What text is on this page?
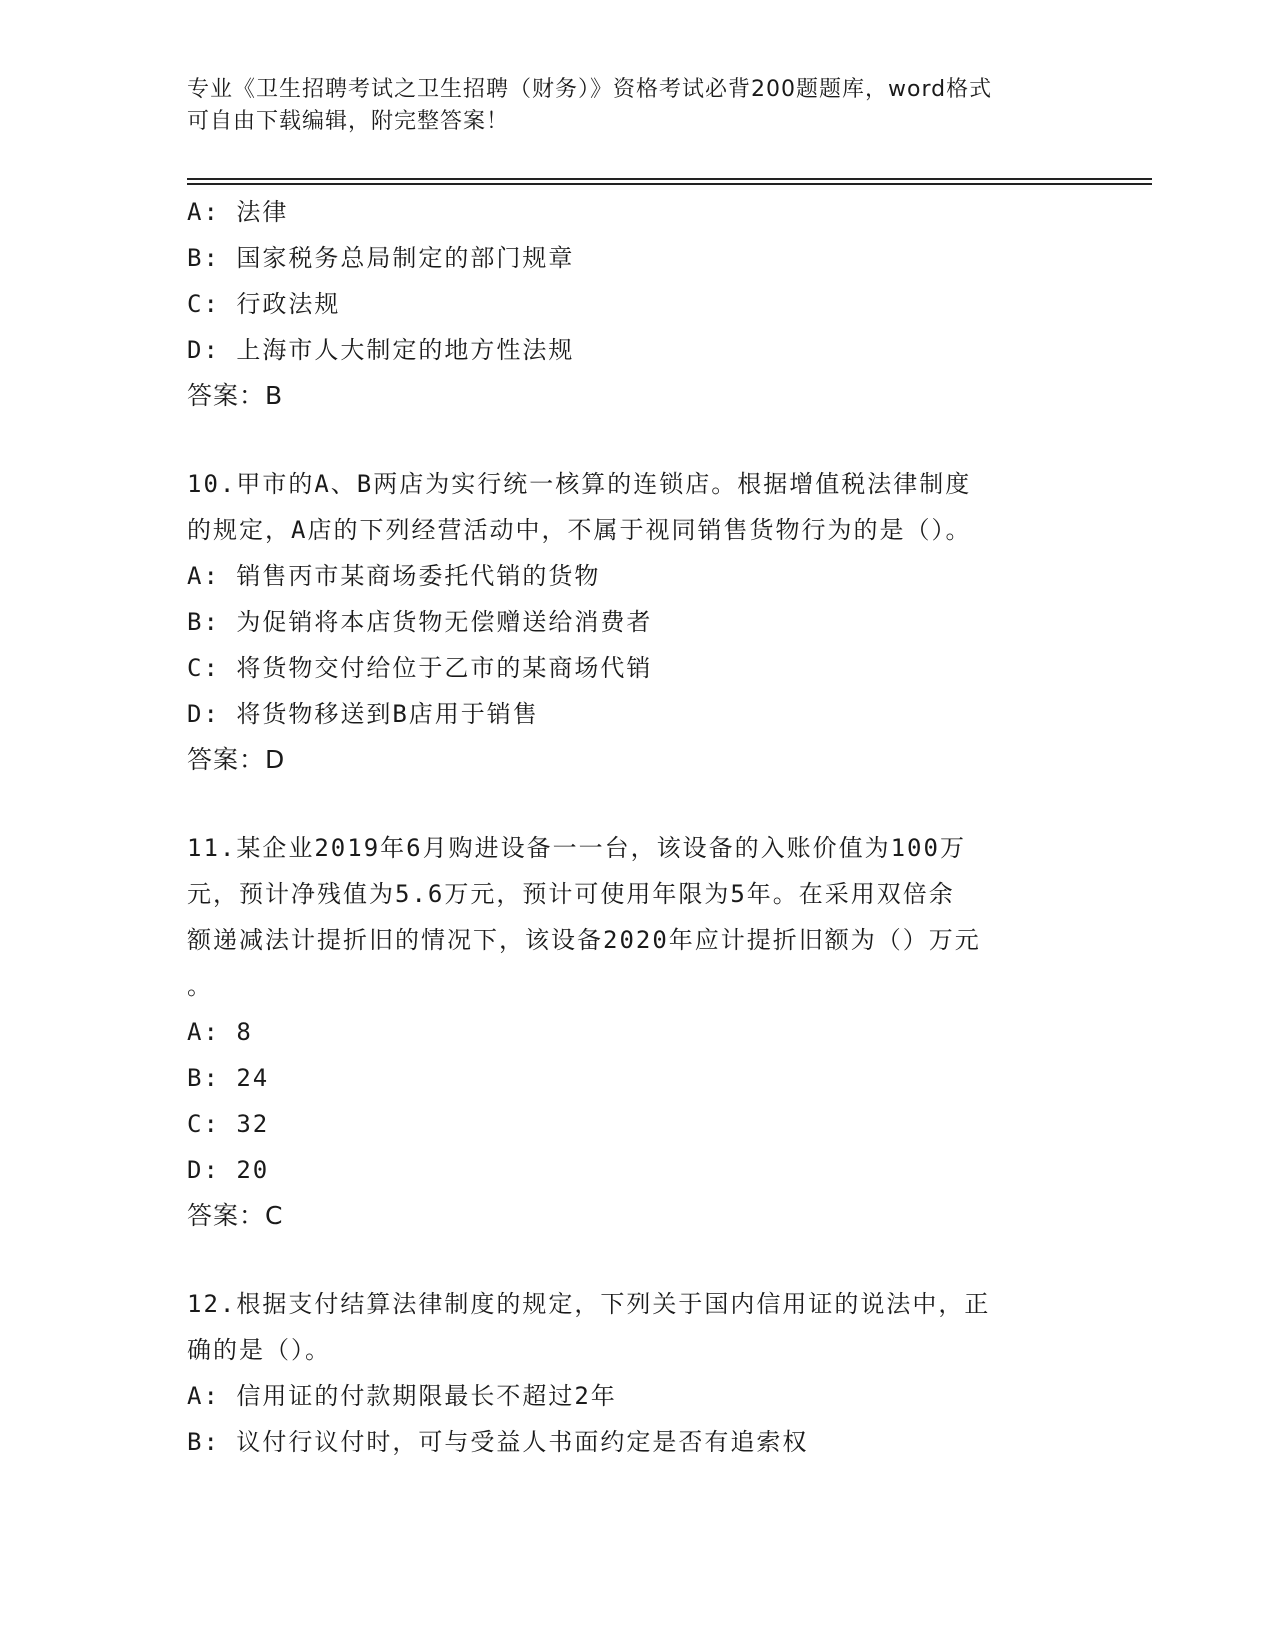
专业《卫生招聘考试之卫生招聘（财务）》资格考试必背200题题库，word格式
可自由下载编辑，附完整答案！
A: 法律
B: 国家税务总局制定的部门规章
C: 行政法规
D: 上海市人大制定的地方性法规
答案：B
10.甲市的A、B两店为实行统一核算的连锁店。根据增值税法律制度
的规定，A店的下列经营活动中，不属于视同销售货物行为的是（）。
A: 销售丙市某商场委托代销的货物
B: 为促销将本店货物无偿赠送给消费者
C: 将货物交付给位于乙市的某商场代销
D: 将货物移送到B店用于销售
答案：D
11.某企业2019年6月购进设备一一台，该设备的入账价值为100万
元，预计净残值为5.6万元，预计可使用年限为5年。在采用双倍余
额递减法计提折旧的情况下，该设备2020年应计提折旧额为（）万元
。
A: 8
B: 24
C: 32
D: 20
答案：C
12.根据支付结算法律制度的规定，下列关于国内信用证的说法中，正
确的是（）。
A: 信用证的付款期限最长不超过2年
B: 议付行议付时，可与受益人书面约定是否有追索权
